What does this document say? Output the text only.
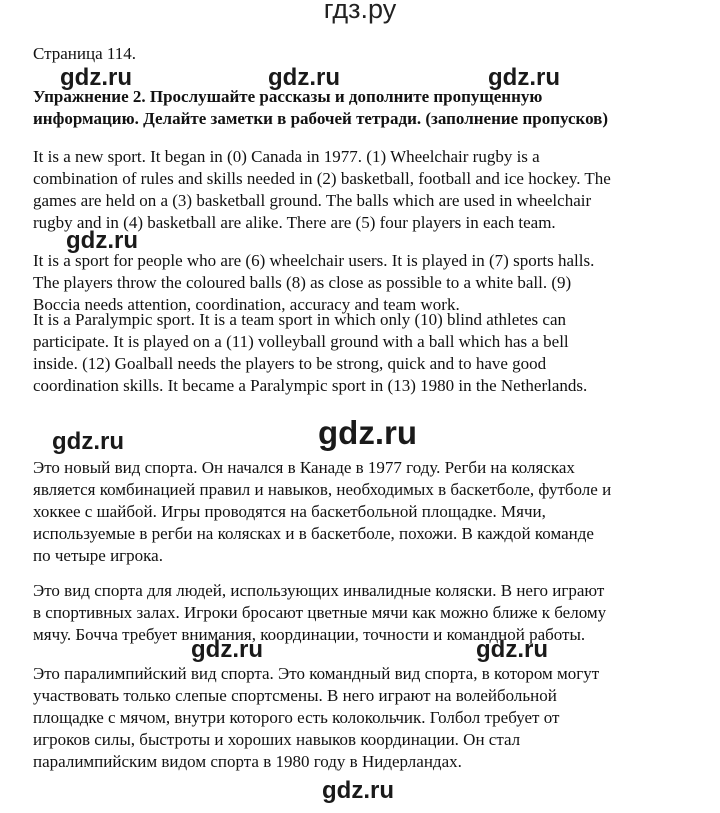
гдз.ру
Страница 114.
Упражнение 2. Прослушайте рассказы и дополните пропущенную
информацию. Делайте заметки в рабочей тетради. (заполнение пропусков)
It is a new sport. It began in (0) Canada in 1977. (1) Wheelchair rugby is a
combination of rules and skills needed in (2) basketball, football and ice hockey. The
games are held on a (3) basketball ground. The balls which are used in wheelchair
rugby and in (4) basketball are alike. There are (5) four players in each team.
It is a sport for people who are (6) wheelchair users. It is played in (7) sports halls.
The players throw the coloured balls (8) as close as possible to a white ball. (9)
Boccia needs attention, coordination, accuracy and team work.
It is a Paralympic sport. It is a team sport in which only (10) blind athletes can
participate. It is played on a (11) volleyball ground with a ball which has a bell
inside. (12) Goalball needs the players to be strong, quick and to have good
coordination skills. It became a Paralympic sport in (13) 1980 in the Netherlands.
Это новый вид спорта. Он начался в Канаде в 1977 году. Регби на колясках
является комбинацией правил и навыков, необходимых в баскетболе, футболе и
хоккее с шайбой. Игры проводятся на баскетбольной площадке. Мячи,
используемые в регби на колясках и в баскетболе, похожи. В каждой команде
по четыре игрока.
Это вид спорта для людей, использующих инвалидные коляски. В него играют
в спортивных залах. Игроки бросают цветные мячи как можно ближе к белому
мячу. Бочча требует внимания, координации, точности и командной работы.
Это паралимпийский вид спорта. Это командный вид спорта, в котором могут
участвовать только слепые спортсмены. В него играют на волейбольной
площадке с мячом, внутри которого есть колокольчик. Голбол требует от
игроков силы, быстроты и хороших навыков координации. Он стал
паралимпийским видом спорта в 1980 году в Нидерландах.
gdz.ru	gdz.ru	gdz.ru
gdz.ru
gdz.ru	gdz.ru
gdz.ru	gdz.ru
gdz.ru
